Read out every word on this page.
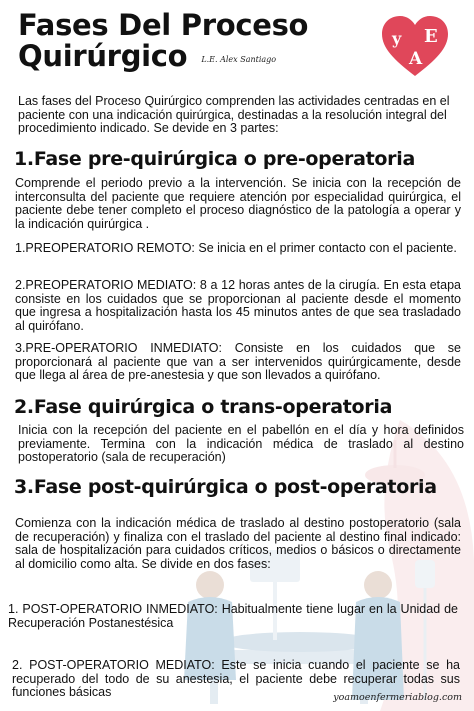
Fases Del Proceso
Quirúrgico L.E. Alex Santiago
y
A
E
Las fases del Proceso Quirúrgico comprenden las actividades centradas en el paciente con una indicación quirúrgica, destinadas a la resolución integral del procedimiento indicado. Se devide en 3 partes:
1.Fase pre-quirúrgica o pre-operatoria
Comprende el periodo previo a la intervención. Se inicia con la recepción de interconsulta del paciente que requiere atención por especialidad quirúrgica, el paciente debe tener completo el proceso diagnóstico de la patología a operar y la indicación quirúrgica .
1.PREOPERATORIO REMOTO: Se inicia en el primer contacto con el paciente.
2.PREOPERATORIO MEDIATO: 8 a 12 horas antes de la cirugía. En esta etapa consiste en los cuidados que se proporcionan al paciente desde el momento que ingresa a hospitalización hasta los 45 minutos antes de que sea trasladado al quirófano.
3.PRE-OPERATORIO INMEDIATO: Consiste en los cuidados que se proporcionará al paciente que van a ser intervenidos quirúrgicamente, desde que llega al área de pre-anestesia y que son llevados a quirófano.
2.Fase quirúrgica o trans-operatoria
Inicia con la recepción del paciente en el pabellón en el día y hora definidos previamente. Termina con la indicación médica de traslado al destino postoperatorio (sala de recuperación)
3.Fase post-quirúrgica o post-operatoria
Comienza con la indicación médica de traslado al destino postoperatorio (sala de recuperación) y finaliza con el traslado del paciente al destino final indicado: sala de hospitalización para cuidados críticos, medios o básicos o directamente al domicilio como alta. Se divide en dos fases:
1. POST-OPERATORIO INMEDIATO: Habitualmente tiene lugar en la Unidad de Recuperación Postanestésica
2. POST-OPERATORIO MEDIATO: Este se inicia cuando el paciente se ha recuperado del todo de su anestesia, el paciente debe recuperar todas sus funciones básicas	yoamoenfermeriablog.com
